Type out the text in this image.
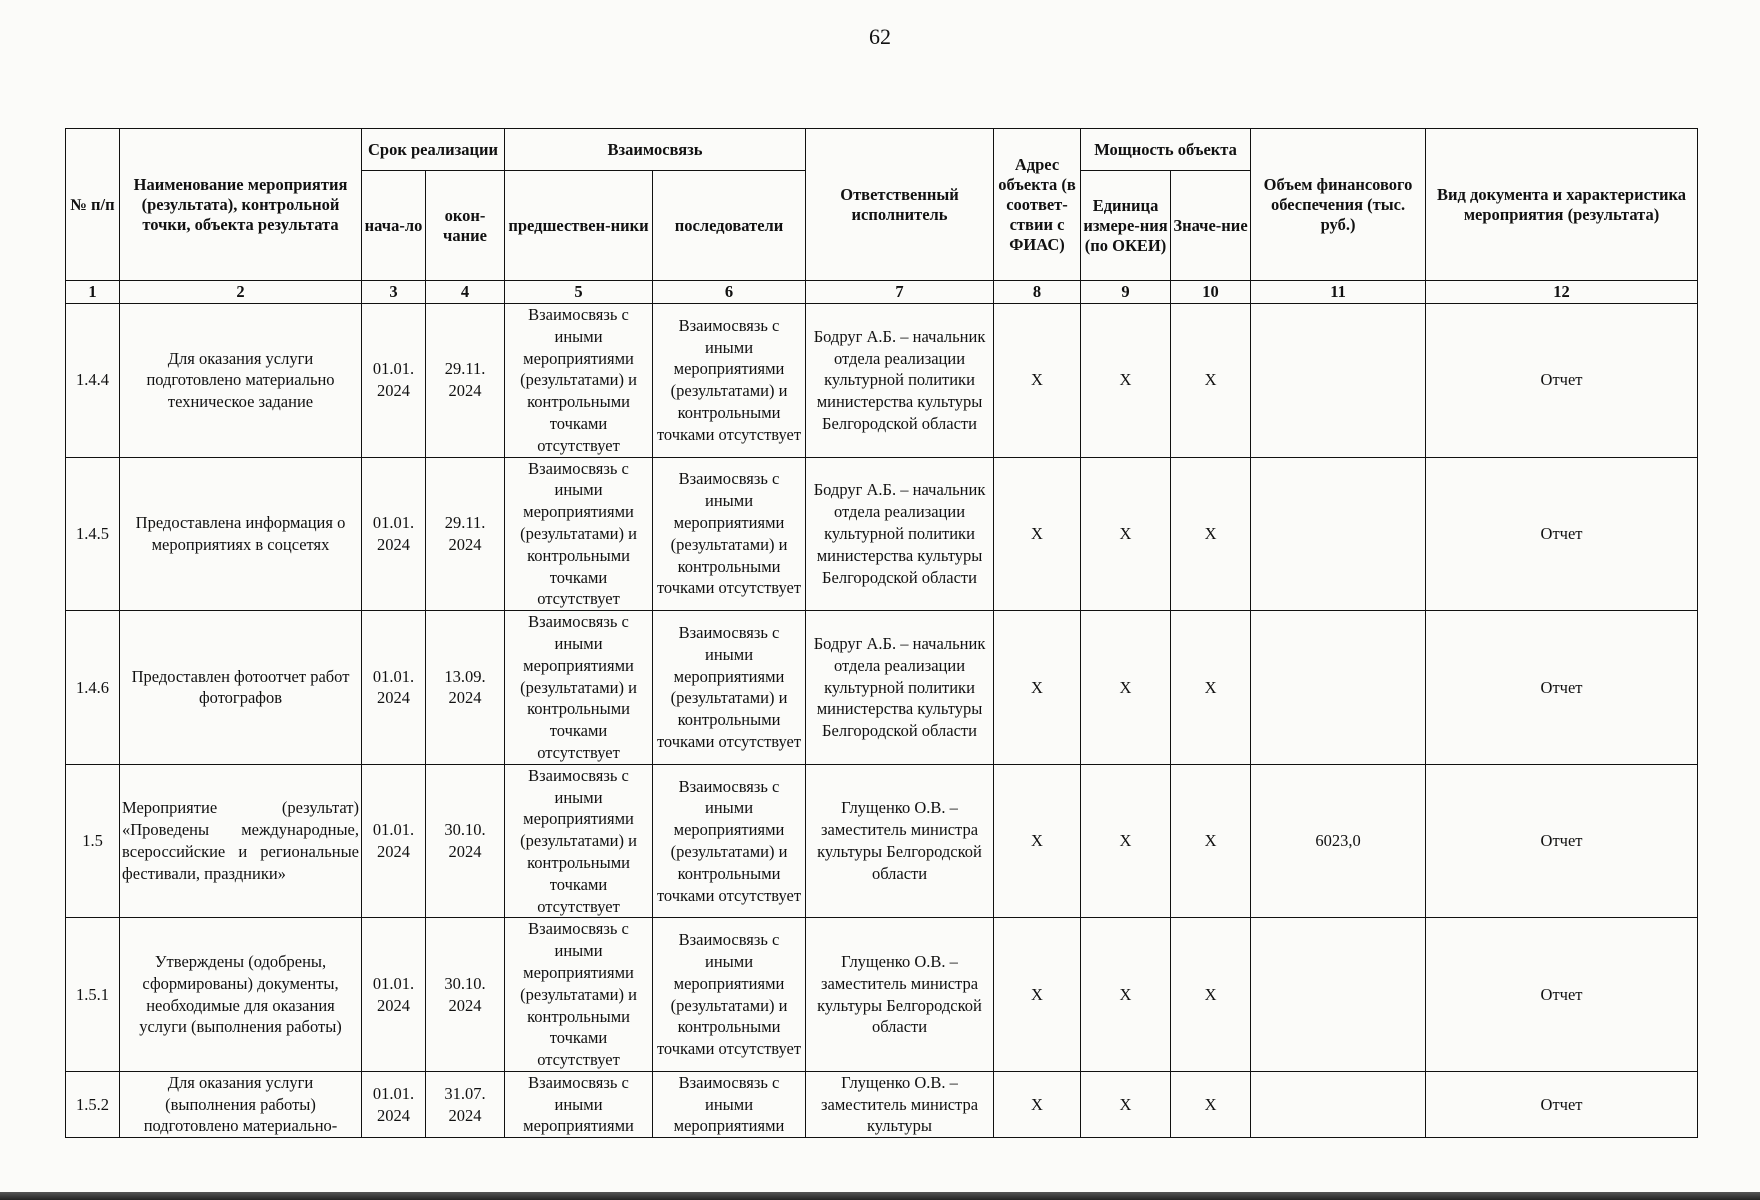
62
№ п/п	Наименование мероприятия (результата), контрольной точки, объекта результата	Срок реализации		Взаимосвязь		Ответственный исполнитель	Адрес объекта (в соответ-ствии с ФИАС)	Мощность объекта		Объем финансового обеспечения (тыс. руб.)	Вид документа и характеристика мероприятия (результата)
		нача-ло	окон-чание	предшествен-ники	последователи			Единица измере-ния (по ОКЕИ)	Значе-ние		
1	2	3	4	5	6	7	8	9	10	11	12
1.4.4	Для оказания услуги подготовлено материально техническое задание	01.01. 2024	29.11. 2024	Взаимосвязь с иными мероприятиями (результатами) и контрольными точками отсутствует	Взаимосвязь с иными мероприятиями (результатами) и контрольными точками отсутствует	Бодруг А.Б. – начальник отдела реализации культурной политики министерства культуры Белгородской области	Х	Х	Х		Отчет
1.4.5	Предоставлена информация о мероприятиях в соцсетях	01.01. 2024	29.11. 2024	Взаимосвязь с иными мероприятиями (результатами) и контрольными точками отсутствует	Взаимосвязь с иными мероприятиями (результатами) и контрольными точками отсутствует	Бодруг А.Б. – начальник отдела реализации культурной политики министерства культуры Белгородской области	Х	Х	Х		Отчет
1.4.6	Предоставлен фотоотчет работ фотографов	01.01. 2024	13.09. 2024	Взаимосвязь с иными мероприятиями (результатами) и контрольными точками отсутствует	Взаимосвязь с иными мероприятиями (результатами) и контрольными точками отсутствует	Бодруг А.Б. – начальник отдела реализации культурной политики министерства культуры Белгородской области	Х	Х	Х		Отчет
1.5	Мероприятие (результат) «Проведены международные, всероссийские и региональные фестивали, праздники»	01.01. 2024	30.10. 2024	Взаимосвязь с иными мероприятиями (результатами) и контрольными точками отсутствует	Взаимосвязь с иными мероприятиями (результатами) и контрольными точками отсутствует	Глущенко О.В. – заместитель министра культуры Белгородской области	Х	Х	Х	6023,0	Отчет
1.5.1	Утверждены (одобрены, сформированы) документы, необходимые для оказания услуги (выполнения работы)	01.01. 2024	30.10. 2024	Взаимосвязь с иными мероприятиями (результатами) и контрольными точками отсутствует	Взаимосвязь с иными мероприятиями (результатами) и контрольными точками отсутствует	Глущенко О.В. – заместитель министра культуры Белгородской области	Х	Х	Х		Отчет
1.5.2	Для оказания услуги (выполнения работы) подготовлено материально-	01.01. 2024	31.07. 2024	Взаимосвязь с иными мероприятиями	Взаимосвязь с иными мероприятиями	Глущенко О.В. – заместитель министра культуры	Х	Х	Х		Отчет
